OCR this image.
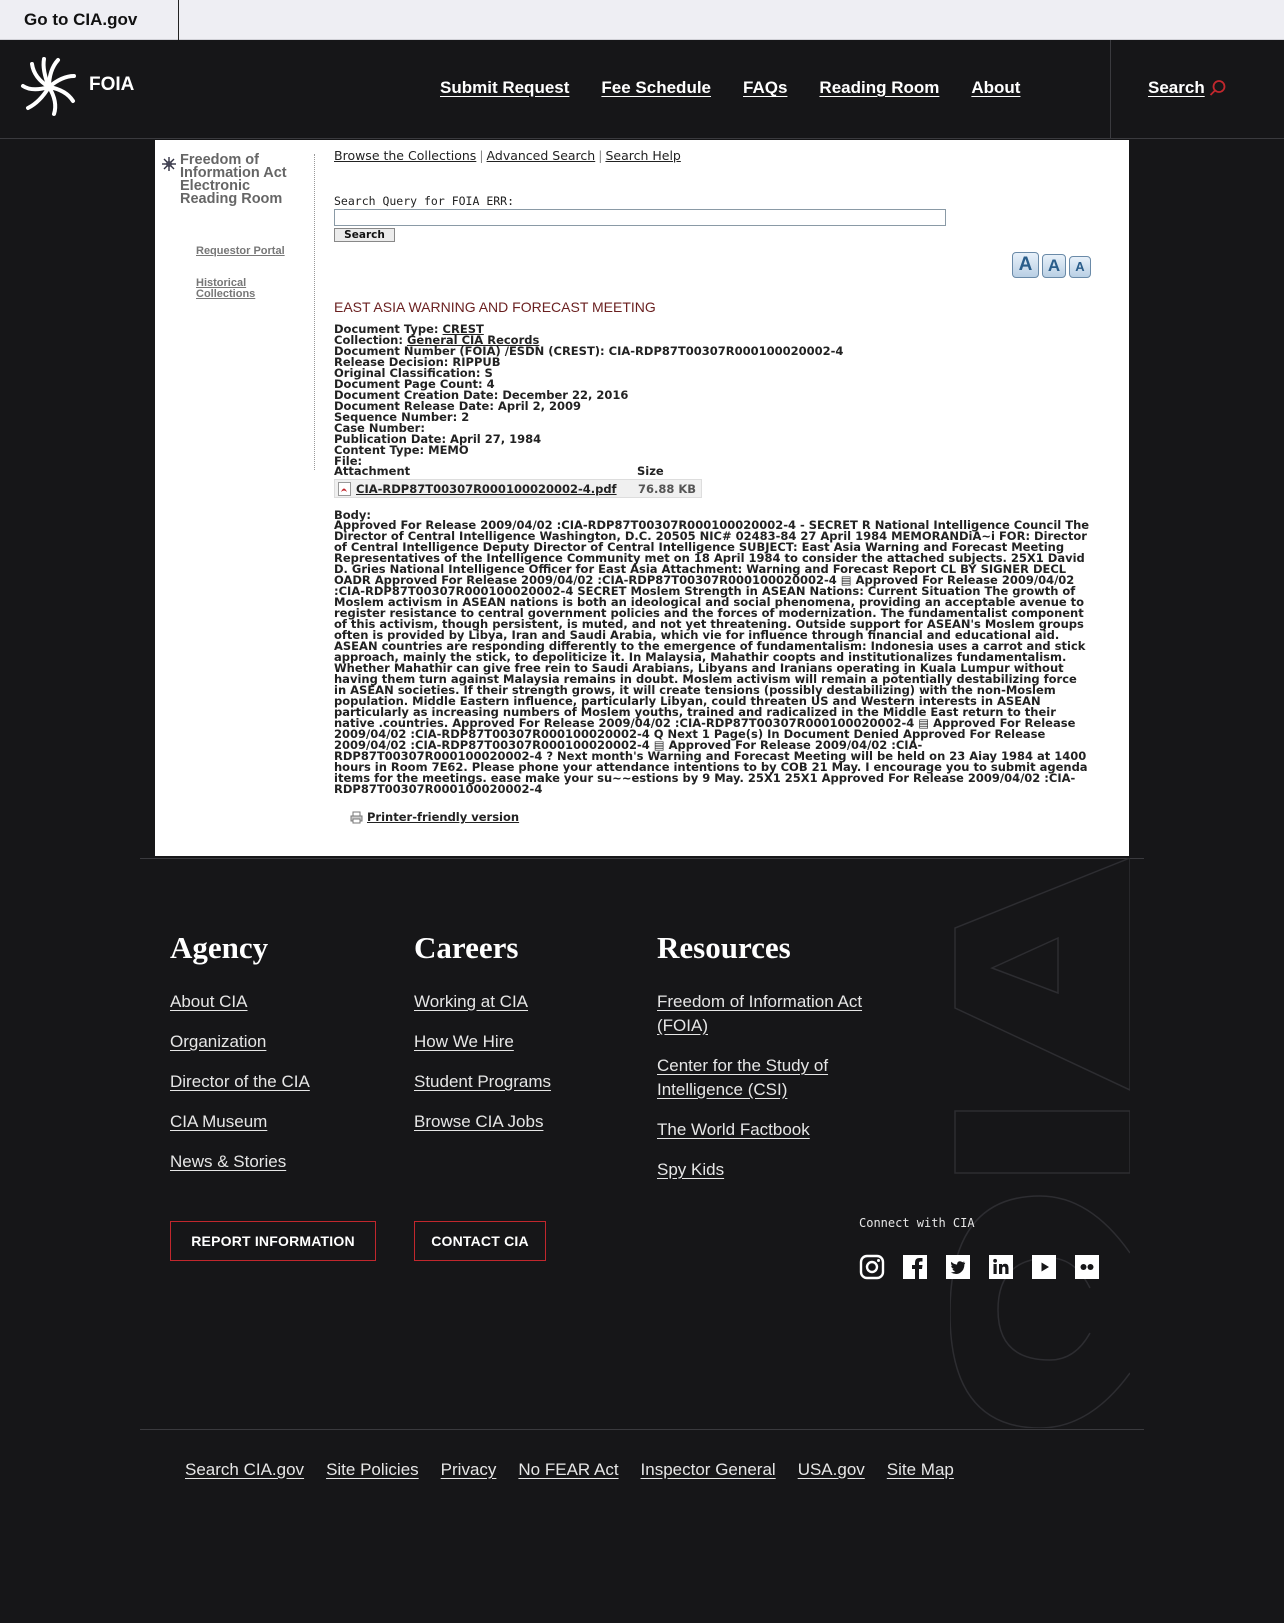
Go to CIA.gov
FOIA	Submit Request Fee Schedule FAQs Reading Room About	Search
Freedom of Information Act Electronic Reading Room
Requestor Portal
Historical Collections
Browse the Collections | Advanced Search | Search Help
Search Query for FOIA ERR:
Search
A A	A
EAST ASIA WARNING AND FORECAST MEETING
Document Type: CREST
Collection: General CIA Records
Document Number (FOIA) /ESDN (CREST): CIA-RDP87T00307R000100020002-4
Release Decision: RIPPUB
Original Classification: S
Document Page Count: 4
Document Creation Date: December 22, 2016
Document Release Date: April 2, 2009
Sequence Number: 2
Case Number:
Publication Date: April 27, 1984
Content Type: MEMO
File:
Attachment	Size
CIA-RDP87T00307R000100020002-4.pdf	76.88 KB
Body:
Approved For Release 2009/04/02 :CIA-RDP87T00307R000100020002-4 - SECRET R National Intelligence Council The Director of Central Intelligence Washington, D.C. 20505 NIC# 02483-84 27 April 1984 MEMORANDiA~i FOR: Director of Central Intelligence Deputy Director of Central Intelligence SUBJECT: East Asia Warning and Forecast Meeting Representatives of the Intelligence Community met on 18 April 1984 to consider the attached subjects. 25X1 David D. Gries National Intelligence Officer for East Asia Attachment: Warning and Forecast Report CL BY SIGNER DECL OADR Approved For Release 2009/04/02 :CIA-RDP87T00307R000100020002-4 ▤ Approved For Release 2009/04/02 :CIA-RDP87T00307R000100020002-4 SECRET Moslem Strength in ASEAN Nations: Current Situation The growth of Moslem activism in ASEAN nations is both an ideological and social phenomena, providing an acceptable avenue to register resistance to central government policies and the forces of modernization. The fundamentalist component of this activism, though persistent, is muted, and not yet threatening. Outside support for ASEAN's Moslem groups often is provided by Libya, Iran and Saudi Arabia, which vie for influence through financial and educational aid. ASEAN countries are responding differently to the emergence of fundamentalism: Indonesia uses a carrot and stick approach, mainly the stick, to depoliticize it. In Malaysia, Mahathir coopts and institutionalizes fundamentalism. Whether Mahathir can give free rein to Saudi Arabians, Libyans and Iranians operating in Kuala Lumpur without having them turn against Malaysia remains in doubt. Moslem activism will remain a potentially destabilizing force in ASEAN societies. If their strength grows, it will create tensions (possibly destabilizing) with the non-Moslem population. Middle Eastern influence, particularly Libyan, could threaten US and Western interests in ASEAN particularly as increasing numbers of Moslem youths, trained and radicalized in the Middle East return to their native .countries. Approved For Release 2009/04/02 :CIA-RDP87T00307R000100020002-4 ▤ Approved For Release 2009/04/02 :CIA-RDP87T00307R000100020002-4 Q Next 1 Page(s) In Document Denied Approved For Release 2009/04/02 :CIA-RDP87T00307R000100020002-4 ▤ Approved For Release 2009/04/02 :CIA-RDP87T00307R000100020002-4 ? Next month's Warning and Forecast Meeting will be held on 23 Aiay 1984 at 1400 hours in Room 7E62. Please phone your attendance intentions to by COB 21 May. I encourage you to submit agenda items for the meetings. ease make your su~~estions by 9 May. 25X1 25X1 Approved For Release 2009/04/02 :CIA-RDP87T00307R000100020002-4
Printer-friendly version
Agency
About CIA
Organization
Director of the CIA
CIA Museum
News & Stories
Careers
Working at CIA
How We Hire
Student Programs
Browse CIA Jobs
Resources
Freedom of Information Act (FOIA)
Center for the Study of Intelligence (CSI)
The World Factbook
Spy Kids
REPORT INFORMATION	CONTACT CIA
Connect with CIA
Search CIA.gov Site Policies Privacy No FEAR Act Inspector General USA.gov Site Map
